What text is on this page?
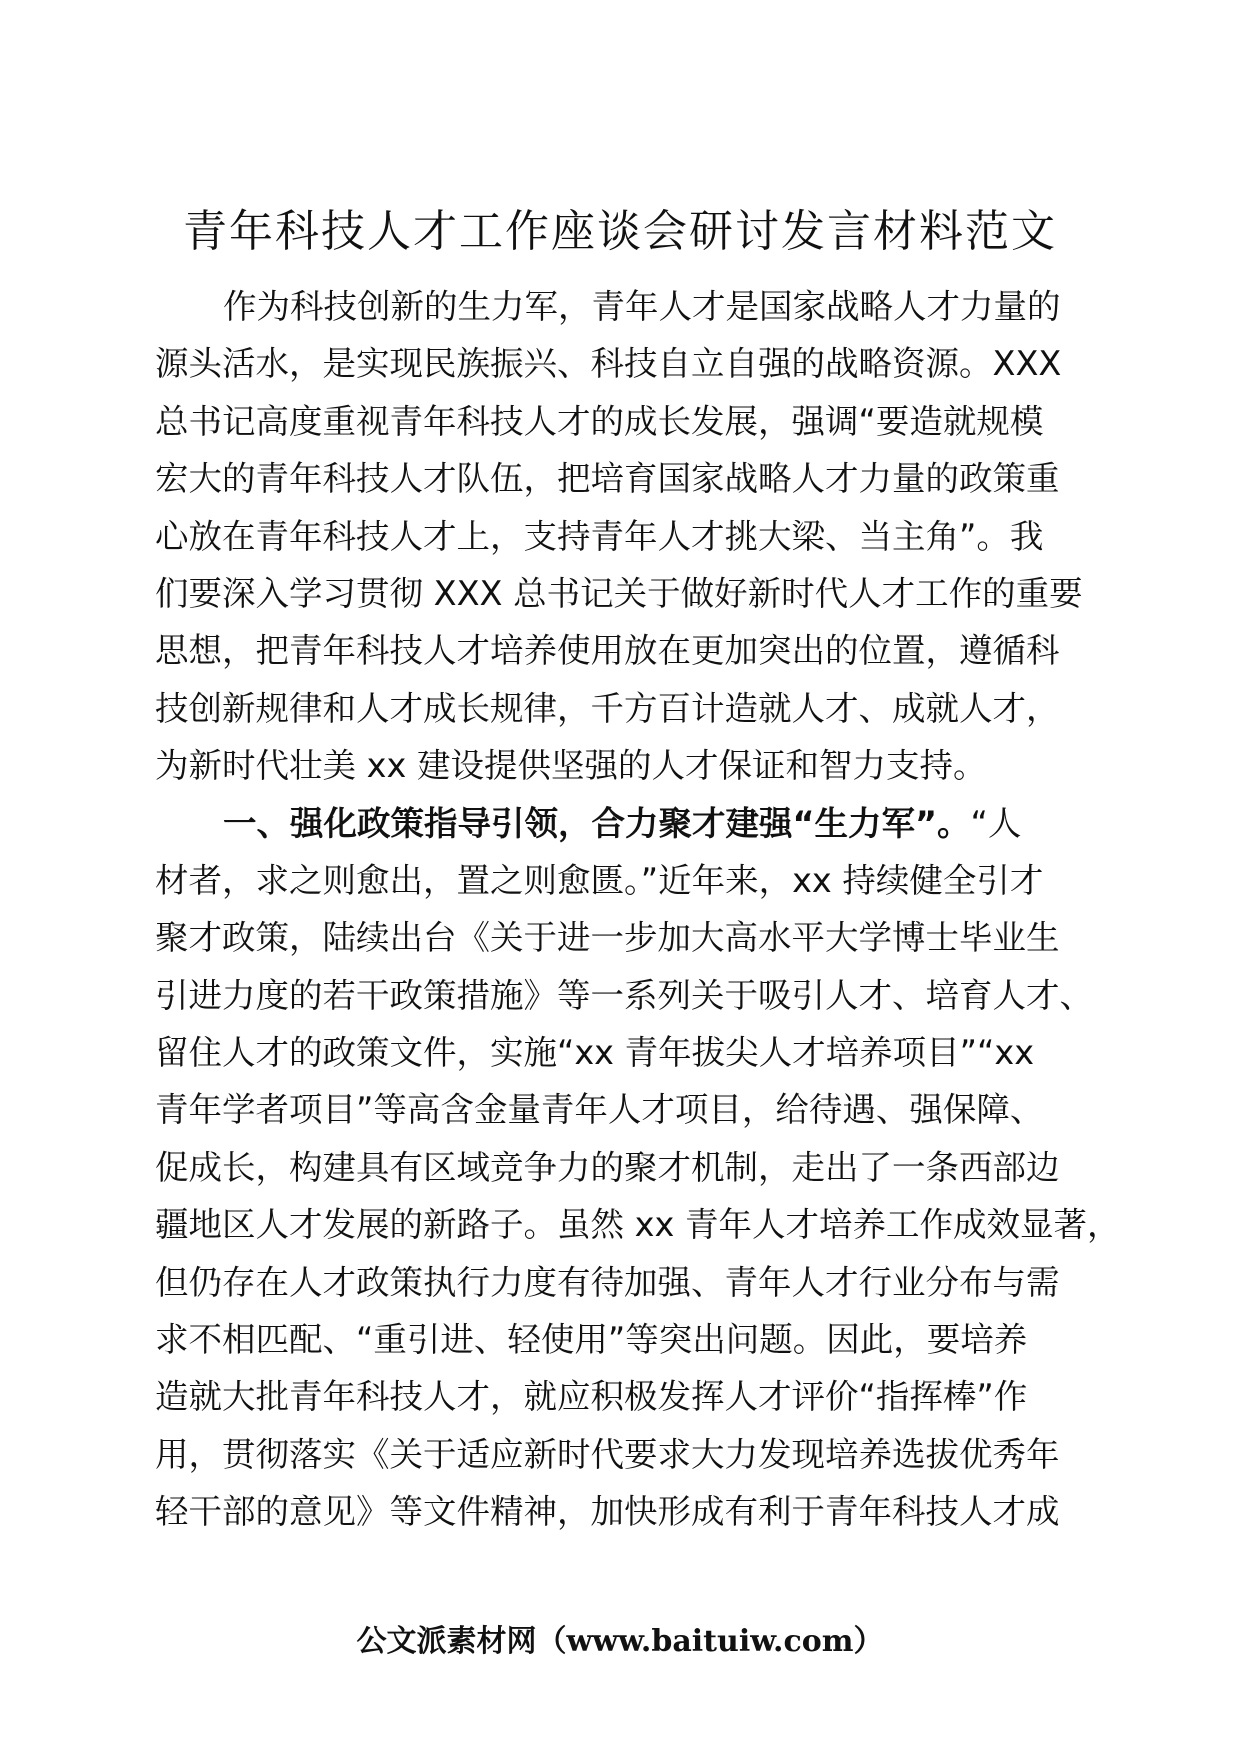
青年科技人才工作座谈会研讨发言材料范文
作为科技创新的生力军，青年人才是国家战略人才力量的
源头活水，是实现民族振兴、科技自立自强的战略资源。XXX
总书记高度重视青年科技人才的成长发展，强调“要造就规模
宏大的青年科技人才队伍，把培育国家战略人才力量的政策重
心放在青年科技人才上，支持青年人才挑大梁、当主角”。我
们要深入学习贯彻 XXX 总书记关于做好新时代人才工作的重要
思想，把青年科技人才培养使用放在更加突出的位置，遵循科
技创新规律和人才成长规律，千方百计造就人才、成就人才，
为新时代壮美 xx 建设提供坚强的人才保证和智力支持。
一、强化政策指导引领，合力聚才建强“生力军”。“人
材者，求之则愈出，置之则愈匮。”近年来，xx 持续健全引才
聚才政策，陆续出台《关于进一步加大高水平大学博士毕业生
引进力度的若干政策措施》等一系列关于吸引人才、培育人才、
留住人才的政策文件，实施“xx 青年拔尖人才培养项目”“xx
青年学者项目”等高含金量青年人才项目，给待遇、强保障、
促成长，构建具有区域竞争力的聚才机制，走出了一条西部边
疆地区人才发展的新路子。虽然 xx 青年人才培养工作成效显著，
但仍存在人才政策执行力度有待加强、青年人才行业分布与需
求不相匹配、“重引进、轻使用”等突出问题。因此，要培养
造就大批青年科技人才，就应积极发挥人才评价“指挥棒”作
用，贯彻落实《关于适应新时代要求大力发现培养选拔优秀年
轻干部的意见》等文件精神，加快形成有利于青年科技人才成
公文派素材网（www.baituiw.com）
